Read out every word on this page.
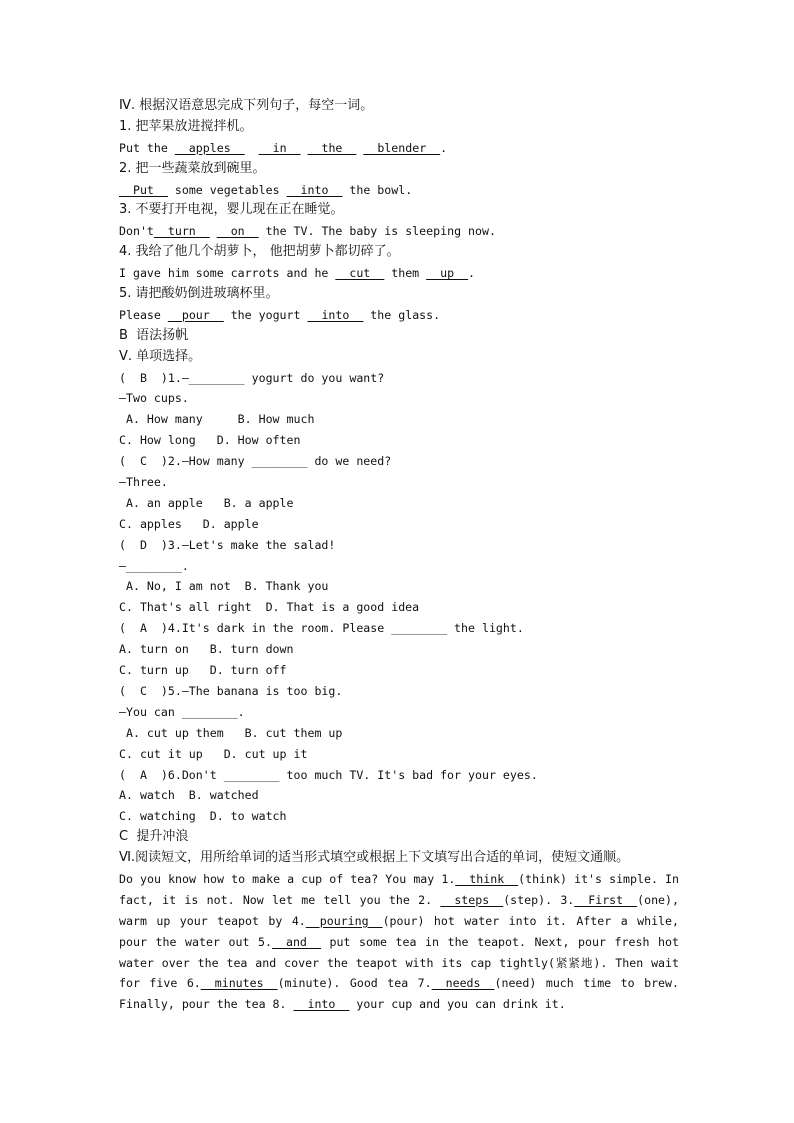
Ⅳ. 根据汉语意思完成下列句子，每空一词。
1. 把苹果放进搅拌机。
Put the __apples__ __in__ __the__ __blender__.
2. 把一些蔬菜放到碗里。
__Put__ some vegetables __into__ the bowl.
3. 不要打开电视，婴儿现在正在睡觉。
Don't__turn__ __on__ the TV. The baby is sleeping now.
4. 我给了他几个胡萝卜， 他把胡萝卜都切碎了。
I gave him some carrots and he __cut__ them __up__.
5. 请把酸奶倒进玻璃杯里。
Please __pour__ the yogurt __into__ the glass.
B  语法扬帆
Ⅴ. 单项选择。
(  B  )1.—________ yogurt do you want?
—Two cups.
A. How many     B. How much
C. How long   D. How often
(  C  )2.—How many ________ do we need?
—Three.
A. an apple   B. a apple
C. apples   D. apple
(  D  )3.—Let's make the salad!
—________.
A. No, I am not  B. Thank you
C. That's all right  D. That is a good idea
(  A  )4.It's dark in the room. Please ________ the light.
A. turn on   B. turn down
C. turn up   D. turn off
(  C  )5.—The banana is too big.
—You can ________.
A. cut up them   B. cut them up
C. cut it up   D. cut up it
(  A  )6.Don't ________ too much TV. It's bad for your eyes.
A. watch  B. watched
C. watching  D. to watch
C  提升冲浪
Ⅵ.阅读短文，用所给单词的适当形式填空或根据上下文填写出合适的单词，使短文通顺。
Do you know how to make a cup of tea? You may 1.__think__(think) it's simple. In fact, it is not. Now let me tell you the 2. __steps__(step). 3.__First__(one), warm up your teapot by 4.__pouring__(pour) hot water into it. After a while, pour the water out 5.__and__ put some tea in the teapot. Next, pour fresh hot water over the tea and cover the teapot with its cap tightly(紧紧地). Then wait for five 6.__minutes__(minute). Good tea 7.__needs__(need) much time to brew. Finally, pour the tea 8. __into__ your cup and you can drink it.
